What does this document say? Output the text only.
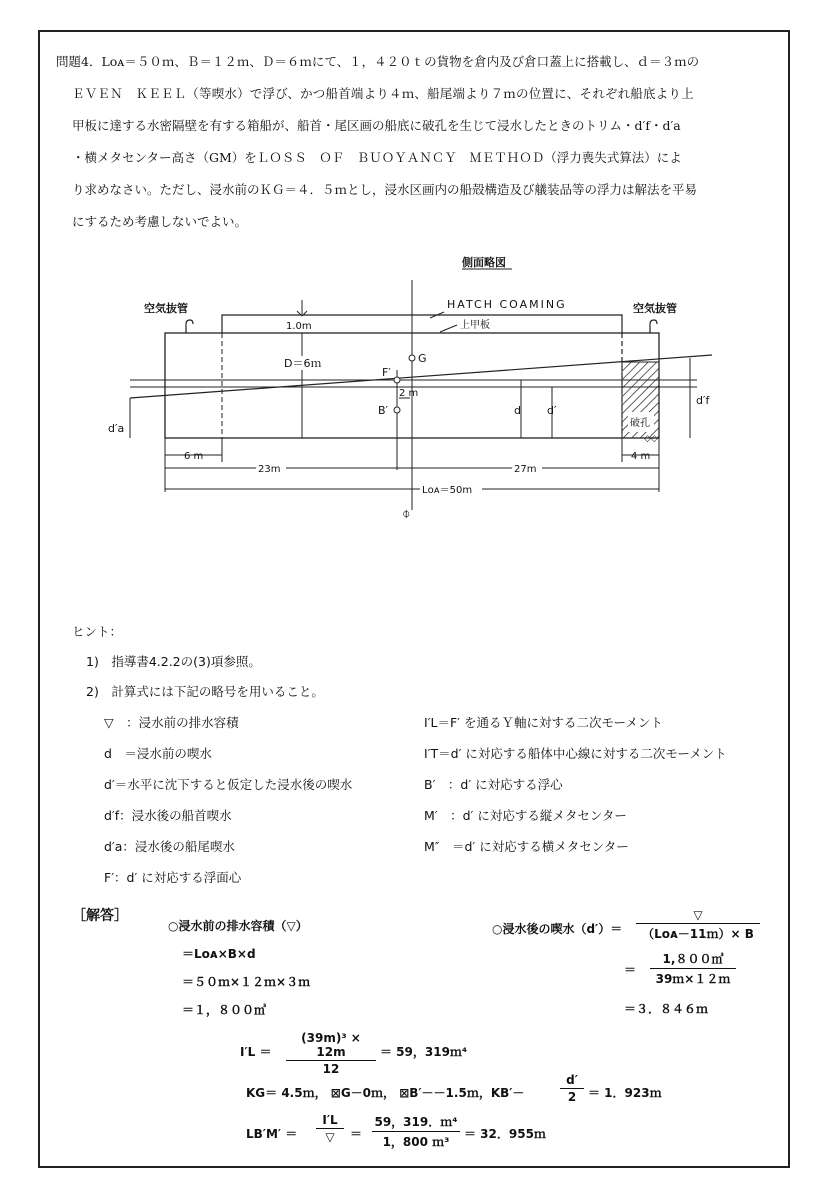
問題4．Lᴏᴀ＝５０ｍ、Ｂ＝１２ｍ、Ｄ＝６ｍにて、１，４２０ｔの貨物を倉内及び倉口蓋上に搭載し、ｄ＝３ｍの
ＥＶＥＮ　ＫＥＥＬ（等喫水）で浮び、かつ船首端より４ｍ、船尾端より７ｍの位置に、それぞれ船底より上
甲板に達する水密隔壁を有する箱船が、船首・尾区画の船底に破孔を生じて浸水したときのトリム・d′f・d′a
・横メタセンター高さ（GM）をＬＯＳＳ　ＯＦ　ＢＵＯＹＡＮＣＹ　ＭＥＴＨＯＤ（浮力喪失式算法）によ
り求めなさい。ただし、浸水前のＫＧ＝４．５ｍとし，浸水区画内の船殻構造及び艤装品等の浮力は解法を平易
にするため考慮しないでよい。
側面略図
HATCH COAMING
上甲板
空気抜管	空気抜管
破孔
◇◇
G
F′
B′
2 m
1.0m
D＝6ｍ
d d′
d′f
d′a
6 m	4 m
23m	27m
Lᴏᴀ＝50m
⌽
ヒント：
1)　指導書4.2.2の(3)項参照。
2)　計算式には下記の略号を用いること。
▽　：浸水前の排水容積
d　＝浸水前の喫水
d′＝水平に沈下すると仮定した浸水後の喫水
d′f：浸水後の船首喫水
d′a：浸水後の船尾喫水
F′：d′ に対応する浮面心
I′L＝F′ を通るＹ軸に対する二次モーメント
I′T＝d′ に対応する船体中心線に対する二次モーメント
B′　：d′ に対応する浮心
M′　：d′ に対応する縦メタセンター
M″　＝d′ に対応する横メタセンター
［解答］
○浸水前の排水容積（▽）
＝Lᴏᴀ×B×d
＝５０ｍ×１２ｍ×３ｍ
＝１，８００㎥
○浸水後の喫水（d′）＝
▽
（Lᴏᴀ－11ｍ）× B
＝ $\frac{1,800㎥}{\text{39ｍ×１２ｍ}}$
＝３．８４６ｍ
$I'L = \frac{\text{(39m)³ × 12m}}{12} = 59$，319ｍ⁴
KG＝ 4.5ｍ， ⊠G－0ｍ， ⊠B′－－1.5ｍ，KB′－	$\frac{d'}{2} = 1$．923ｍ
LB′M′ ＝
I′L
▽	＝ $\frac{\text{59，319．ｍ⁴}}{\text{1，800 ｍ³}} = 32$．955ｍ
